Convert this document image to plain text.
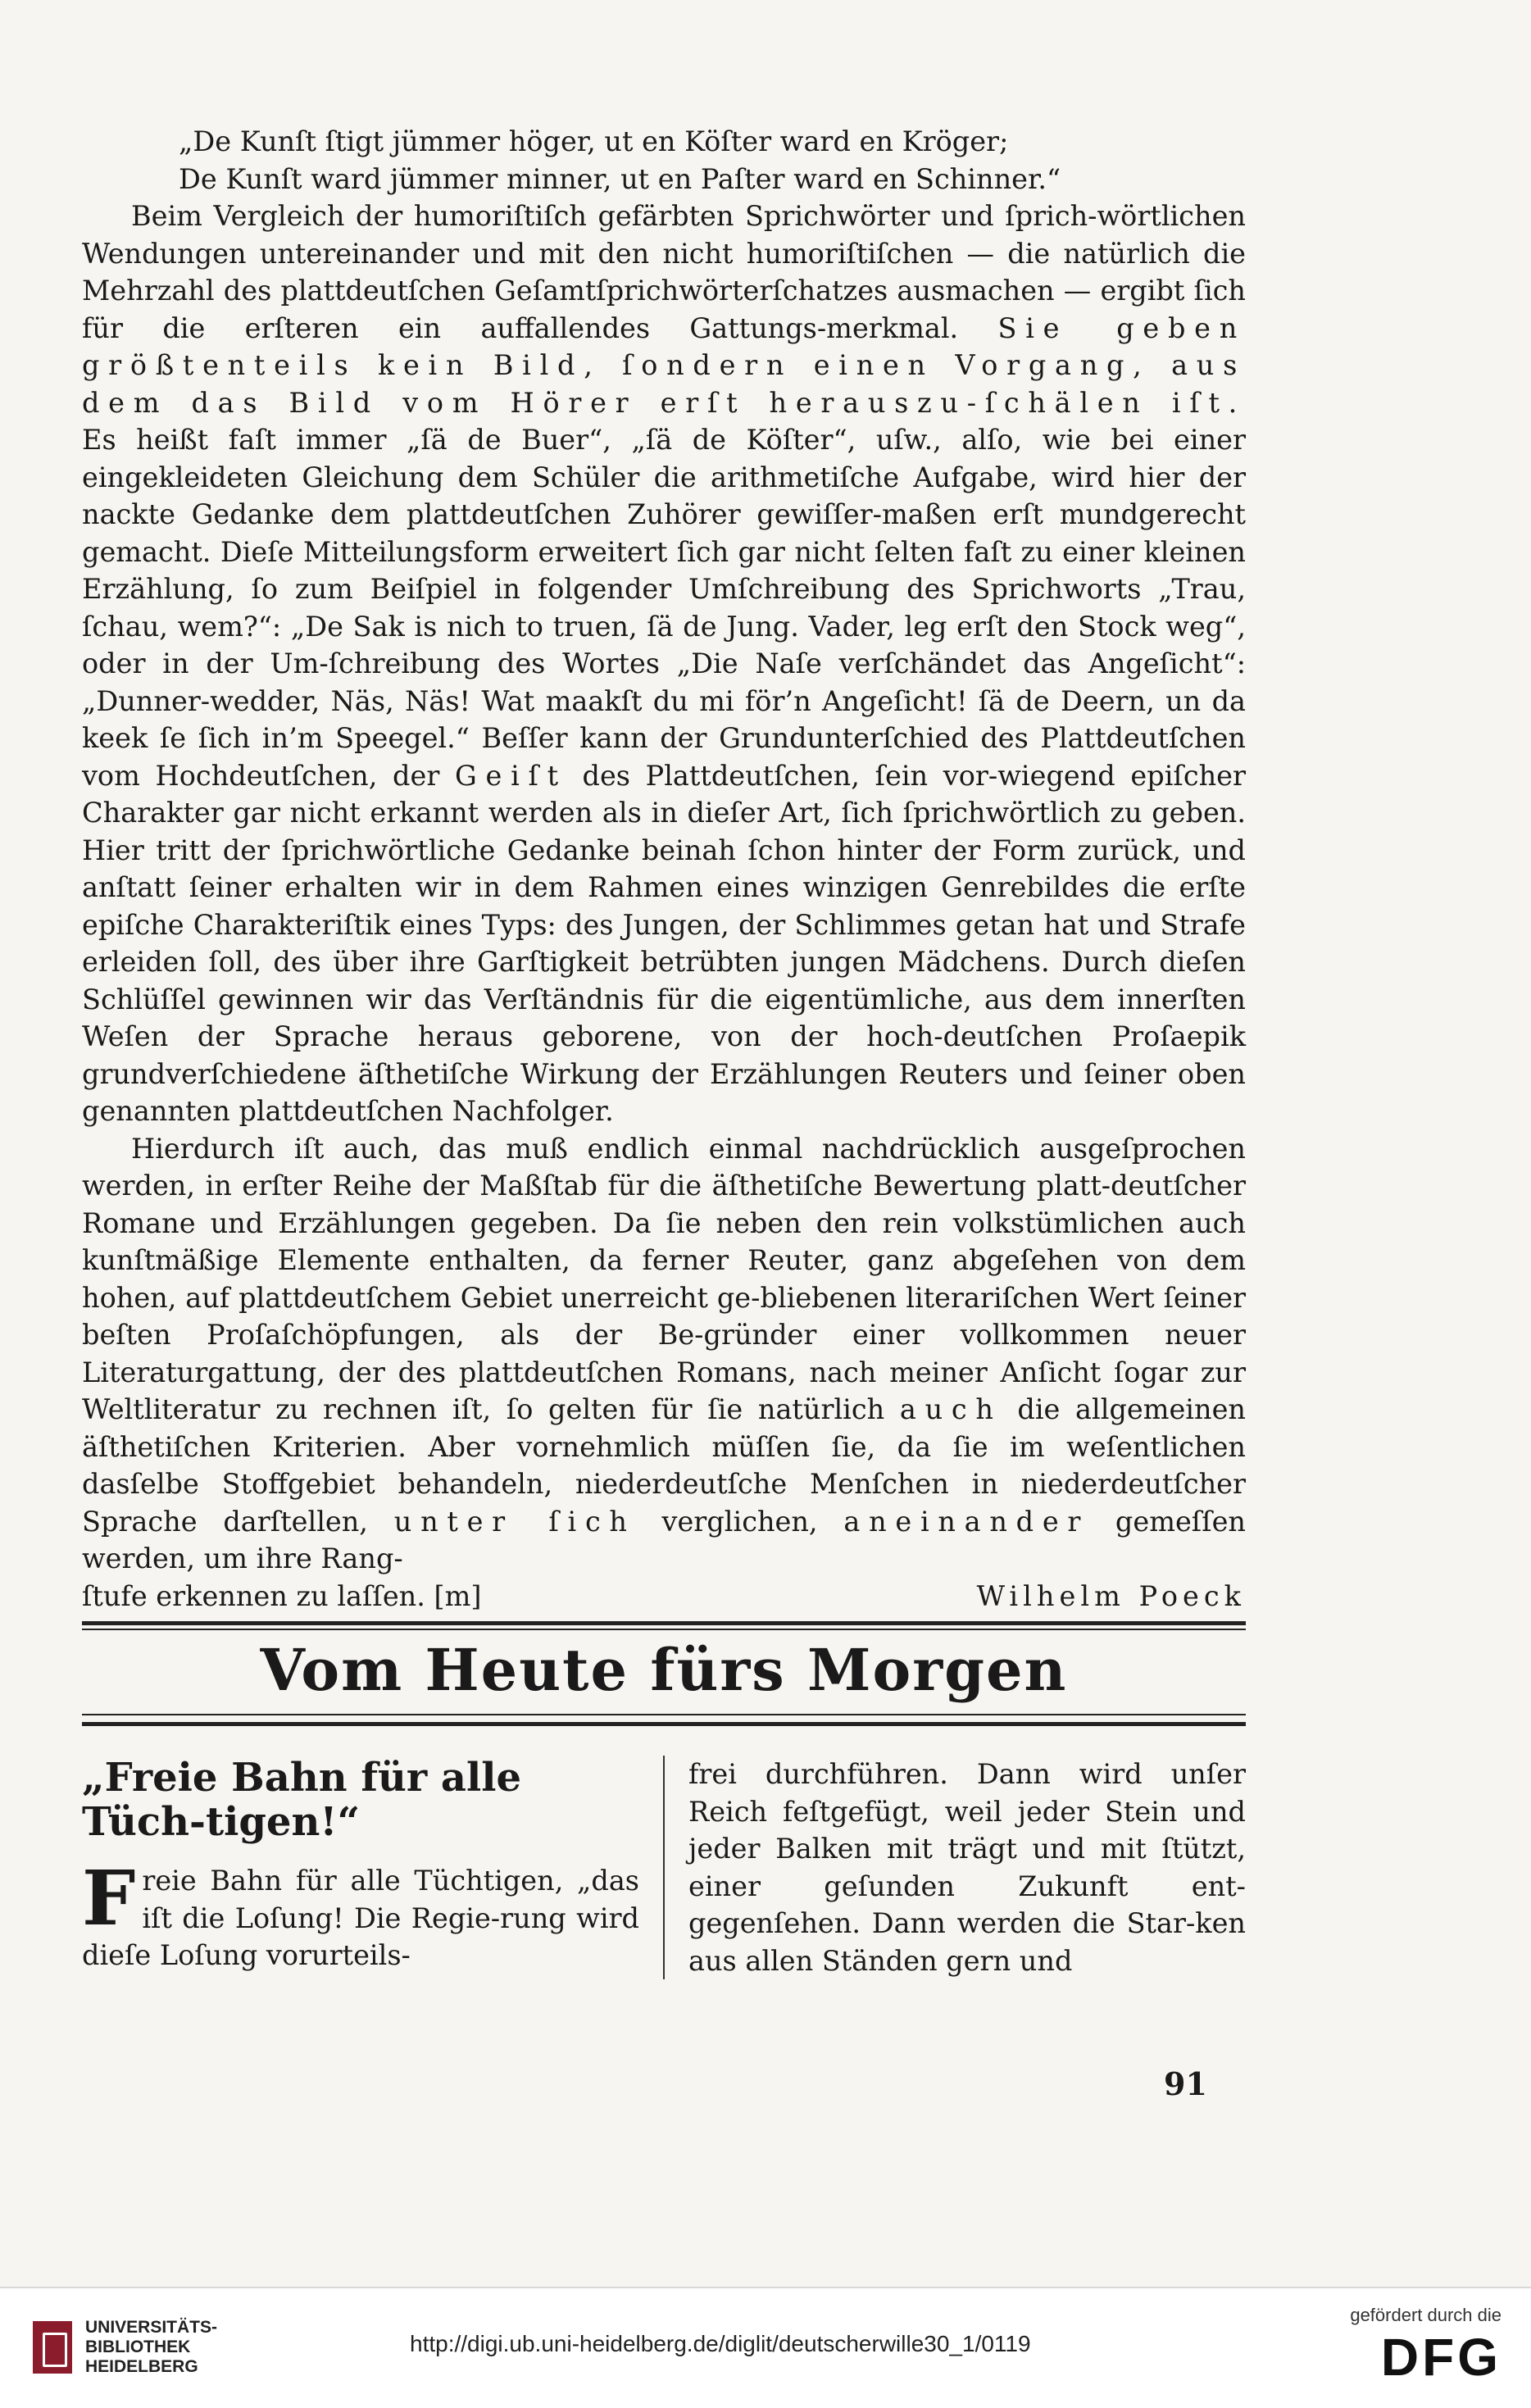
„De Kunſt ſtigt jümmer höger, ut en Köſter ward en Kröger;

De Kunſt ward jümmer minner, ut en Paſter ward en Schinner.“

Beim Vergleich der humoriſtiſch gefärbten Sprichwörter und ſprich-wörtlichen Wendungen untereinander und mit den nicht humoriſtiſchen — die natürlich die Mehrzahl des plattdeutſchen Geſamtſprichwörterſchatzes ausmachen — ergibt ſich für die erſteren ein auffallendes Gattungs-merkmal. Sie geben größtenteils kein Bild, ſondern einen Vorgang, aus dem das Bild vom Hörer erſt herauszu-ſchälen iſt. Es heißt faſt immer „ſä de Buer“, „ſä de Köſter“, uſw., alſo, wie bei einer eingekleideten Gleichung dem Schüler die arithmetiſche Aufgabe, wird hier der nackte Gedanke dem plattdeutſchen Zuhörer gewiſſer-maßen erſt mundgerecht gemacht. Dieſe Mitteilungsform erweitert ſich gar nicht ſelten faſt zu einer kleinen Erzählung, ſo zum Beiſpiel in folgender Umſchreibung des Sprichworts „Trau, ſchau, wem?“: „De Sak is nich to truen, ſä de Jung. Vader, leg erſt den Stock weg“, oder in der Um-ſchreibung des Wortes „Die Naſe verſchändet das Angeſicht“: „Dunner-wedder, Näs, Näs! Wat maakſt du mi för’n Angeſicht! ſä de Deern, un da keek ſe ſich in’m Speegel.“ Beſſer kann der Grundunterſchied des Plattdeutſchen vom Hochdeutſchen, der Geiſt des Plattdeutſchen, ſein vor-wiegend epiſcher Charakter gar nicht erkannt werden als in dieſer Art, ſich ſprichwörtlich zu geben. Hier tritt der ſprichwörtliche Gedanke beinah ſchon hinter der Form zurück, und anſtatt ſeiner erhalten wir in dem Rahmen eines winzigen Genrebildes die erſte epiſche Charakteriſtik eines Typs: des Jungen, der Schlimmes getan hat und Strafe erleiden ſoll, des über ihre Garſtigkeit betrübten jungen Mädchens. Durch dieſen Schlüſſel gewinnen wir das Verſtändnis für die eigentümliche, aus dem innerſten Weſen der Sprache heraus geborene, von der hoch-deutſchen Proſaepik grundverſchiedene äſthetiſche Wirkung der Erzählungen Reuters und ſeiner oben genannten plattdeutſchen Nachfolger.

Hierdurch iſt auch, das muß endlich einmal nachdrücklich ausgeſprochen werden, in erſter Reihe der Maßſtab für die äſthetiſche Bewertung platt-deutſcher Romane und Erzählungen gegeben. Da ſie neben den rein volkstümlichen auch kunſtmäßige Elemente enthalten, da ferner Reuter, ganz abgeſehen von dem hohen, auf plattdeutſchem Gebiet unerreicht ge-bliebenen literariſchen Wert ſeiner beſten Proſaſchöpfungen, als der Be-gründer einer vollkommen neuer Literaturgattung, der des plattdeutſchen Romans, nach meiner Anſicht ſogar zur Weltliteratur zu rechnen iſt, ſo gelten für ſie natürlich auch die allgemeinen äſthetiſchen Kriterien. Aber vornehmlich müſſen ſie, da ſie im weſentlichen dasſelbe Stoffgebiet behandeln, niederdeutſche Menſchen in niederdeutſcher Sprache darſtellen, unter ſich verglichen, aneinander gemeſſen werden, um ihre Rang-

ſtufe erkennen zu laſſen. [m]	Wilhelm Poeck
Vom Heute fürs Morgen
„Freie Bahn für alle Tüch-tigen!“

Freie Bahn für alle Tüchtigen, „das iſt die Loſung! Die Regie-rung wird dieſe Loſung vorurteils-

frei durchführen. Dann wird unſer Reich feſtgefügt, weil jeder Stein und jeder Balken mit trägt und mit ſtützt, einer geſunden Zukunft ent-gegenſehen. Dann werden die Star-ken aus allen Ständen gern und

91
UNIVERSITÄTS-
BIBLIOTHEK
HEIDELBERG
http://digi.ub.uni-heidelberg.de/diglit/deutscherwille30_1/0119
gefördert durch die
DFG
